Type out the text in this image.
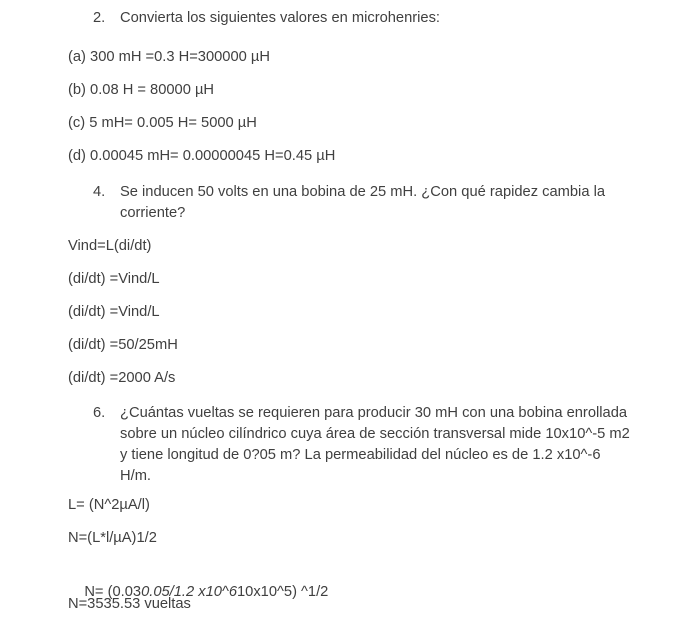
2.	Convierta los siguientes valores en microhenries:
(a) 300 mH =0.3 H=300000 µH
(b) 0.08 H = 80000 µH
(c) 5 mH= 0.005 H= 5000 µH
(d) 0.00045 mH= 0.00000045 H=0.45 µH
4.	Se inducen 50 volts en una bobina de 25 mH. ¿Con qué rapidez cambia la corriente?
Vind=L(di/dt)
(di/dt) =Vind/L
(di/dt) =Vind/L
(di/dt) =50/25mH
(di/dt) =2000 A/s
6.	¿Cuántas vueltas se requieren para producir 30 mH con una bobina enrollada sobre un núcleo cilíndrico cuya área de sección transversal mide 10x10^-5 m2 y tiene longitud de 0?05 m? La permeabilidad del núcleo es de 1.2 x10^-6 H/m.
L= (N^2µA/l)
N=(L*l/µA)1/2

N= (0.030.05/1.2 x10^610x10^5) ^1/2

N=3535.53 vueltas
